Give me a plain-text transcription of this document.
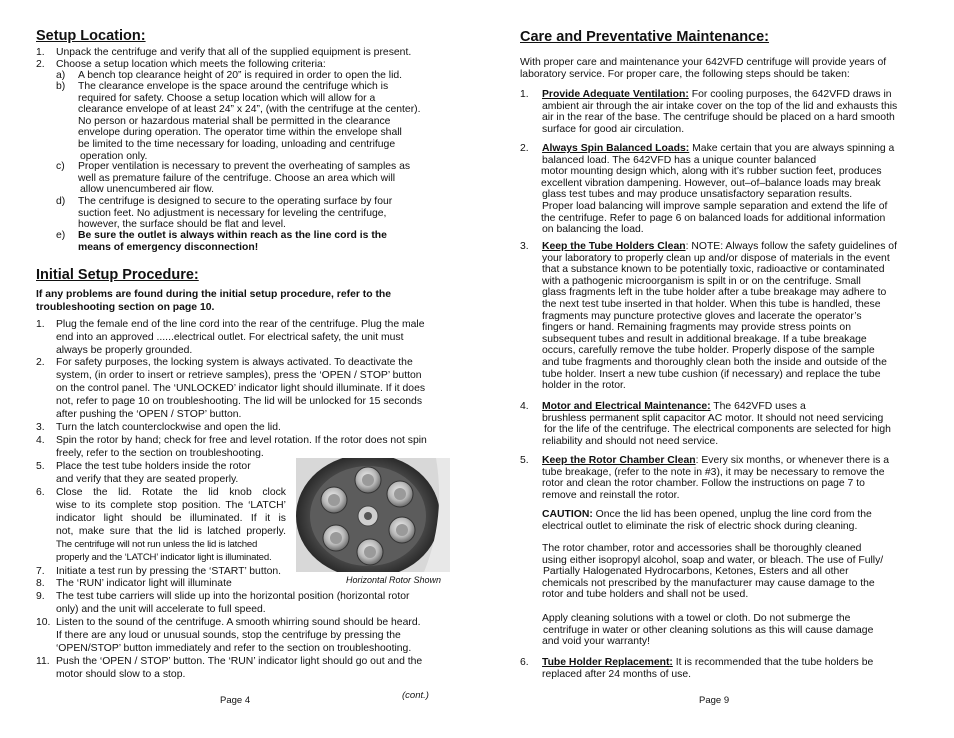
Setup Location:
1. Unpack the centrifuge and verify that all of the supplied equipment is present.
2. Choose a setup location which meets the following criteria:
a) A bench top clearance height of 20” is required in order to open the lid.
b) The clearance envelope is the space around the centrifuge which is
required for safety. Choose a setup location which will allow for a
clearance envelope of at least 24” x 24”, (with the centrifuge at the center).
No person or hazardous material shall be permitted in the clearance
envelope during operation. The operator time within the envelope shall
be limited to the time necessary for loading, unloading and centrifuge
operation only.
c) Proper ventilation is necessary to prevent the overheating of samples as
well as premature failure of the centrifuge. Choose an area which will
allow unencumbered air flow.
d) The centrifuge is designed to secure to the operating surface by four
suction feet. No adjustment is necessary for leveling the centrifuge,
however, the surface should be flat and level.
e) Be sure the outlet is always within reach as the line cord is the
means of emergency disconnection!
Initial Setup Procedure:
If any problems are found during the initial setup procedure, refer to the
troubleshooting section on page 10.
1. Plug the female end of the line cord into the rear of the centrifuge. Plug the male
end into an approved ......electrical outlet. For electrical safety, the unit must
always be properly grounded.
2. For safety purposes, the locking system is always activated. To deactivate the
system, (in order to insert or retrieve samples), press the ‘OPEN / STOP’ button
on the control panel. The ‘UNLOCKED’ indicator light should illuminate. If it does
not, refer to page 10 on troubleshooting. The lid will be unlocked for 15 seconds
after pushing the ‘OPEN / STOP’ button.
3. Turn the latch counterclockwise and open the lid.
4. Spin the rotor by hand; check for free and level rotation. If the rotor does not spin
freely, refer to the section on troubleshooting.
5. Place the test tube holders inside the rotor
and verify that they are seated properly.
6. Close the lid. Rotate the lid knob clock
wise to its complete stop position. The ‘LATCH’
indicator light should be illuminated. If it is
not, make sure that the lid is latched properly.
The centrifuge will not run unless the lid is latched
properly and the ‘LATCH’ indicator light is illuminated.
7. Initiate a test run by pressing the ‘START’ button.
8. The ‘RUN’ indicator light will illuminate
9. The test tube carriers will slide up into the horizontal position (horizontal rotor
only) and the unit will accelerate to full speed.
10. Listen to the sound of the centrifuge. A smooth whirring sound should be heard.
If there are any loud or unusual sounds, stop the centrifuge by pressing the
‘OPEN/STOP’ button immediately and refer to the section on troubleshooting.
11. Push the ‘OPEN / STOP’ button. The ‘RUN’ indicator light should go out and the
motor should slow to a stop.
Horizontal Rotor Shown
(cont.)
Page 4
Care and Preventative Maintenance:
With proper care and maintenance your 642VFD centrifuge will provide years of
laboratory service. For proper care, the following steps should be taken:
1. Provide Adequate Ventilation: For cooling purposes, the 642VFD draws in
ambient air through the air intake cover on the top of the lid and exhausts this
air in the rear of the base. The centrifuge should be placed on a hard smooth
surface for good air circulation.
2. Always Spin Balanced Loads: Make certain that you are always spinning a
balanced load. The 642VFD has a unique counter balanced
motor mounting design which, along with it’s rubber suction feet, produces
excellent vibration dampening. However, out–of–balance loads may break
glass test tubes and may produce unsatisfactory separation results.
Proper load balancing will improve sample separation and extend the life of
the centrifuge. Refer to page 6 on balanced loads for additional information
on balancing the load.
3. Keep the Tube Holders Clean: NOTE: Always follow the safety guidelines of
your laboratory to properly clean up and/or dispose of materials in the event
that a substance known to be potentially toxic, radioactive or contaminated
with a pathogenic microorganism is spilt in or on the centrifuge. Small
glass fragments left in the tube holder after a tube breakage may adhere to
the next test tube inserted in that holder. When this tube is handled, these
fragments may puncture protective gloves and lacerate the operator’s
fingers or hand. Remaining fragments may provide stress points on
subsequent tubes and result in additional breakage. If a tube breakage
occurs, carefully remove the tube holder. Properly dispose of the sample
and tube fragments and thoroughly clean both the inside and outside of the
tube holder. Insert a new tube cushion (if necessary) and replace the tube
holder in the rotor.
4. Motor and Electrical Maintenance: The 642VFD uses a
brushless permanent split capacitor AC motor. It should not need servicing
for the life of the centrifuge. The electrical components are selected for high
reliability and should not need service.
5. Keep the Rotor Chamber Clean: Every six months, or whenever there is a
tube breakage, (refer to the note in #3), it may be necessary to remove the
rotor and clean the rotor chamber. Follow the instructions on page 7 to
remove and reinstall the rotor.
CAUTION: Once the lid has been opened, unplug the line cord from the
electrical outlet to eliminate the risk of electric shock during cleaning.
The rotor chamber, rotor and accessories shall be thoroughly cleaned
using either isopropyl alcohol, soap and water, or bleach. The use of Fully/
Partially Halogenated Hydrocarbons, Ketones, Esters and all other
chemicals not prescribed by the manufacturer may cause damage to the
rotor and tube holders and shall not be used.
Apply cleaning solutions with a towel or cloth. Do not submerge the
centrifuge in water or other cleaning solutions as this will cause damage
and void your warranty!
6. Tube Holder Replacement: It is recommended that the tube holders be
replaced after 24 months of use.
Page 9
